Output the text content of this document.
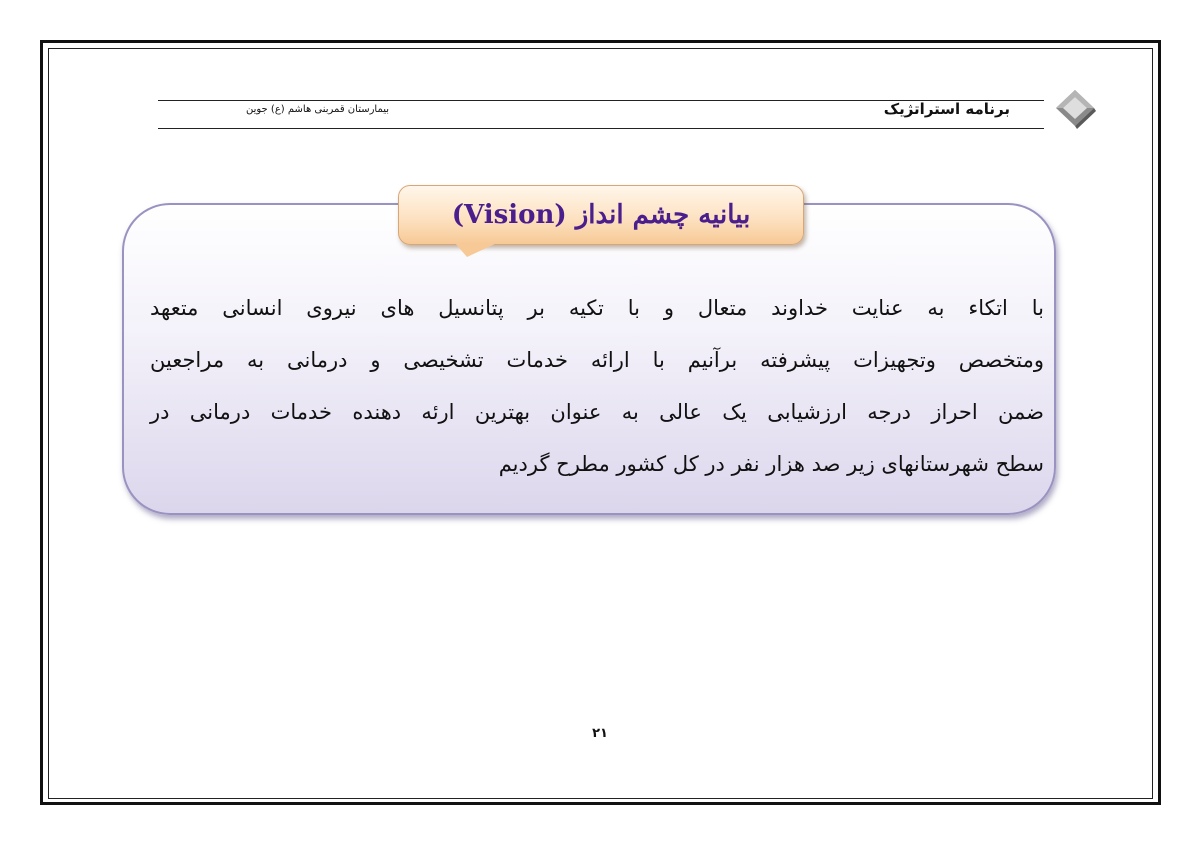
برنامه استراتژیک
بیمارستان قمربنی هاشم (ع) جوین
با اتکاء به عنایت خداوند متعال و با تکیه بر پتانسیل های نیروی انسانی متعهد
ومتخصص وتجهیزات پیشرفته برآنیم با ارائه خدمات تشخیصی و درمانی به مراجعین
ضمن احراز درجه ارزشیابی یک عالی به عنوان بهترین ارئه دهنده خدمات درمانی در
سطح شهرستانهای زیر صد هزار نفر در کل کشور مطرح گردیم
بیانیه چشم انداز (Vision)
۲۱
